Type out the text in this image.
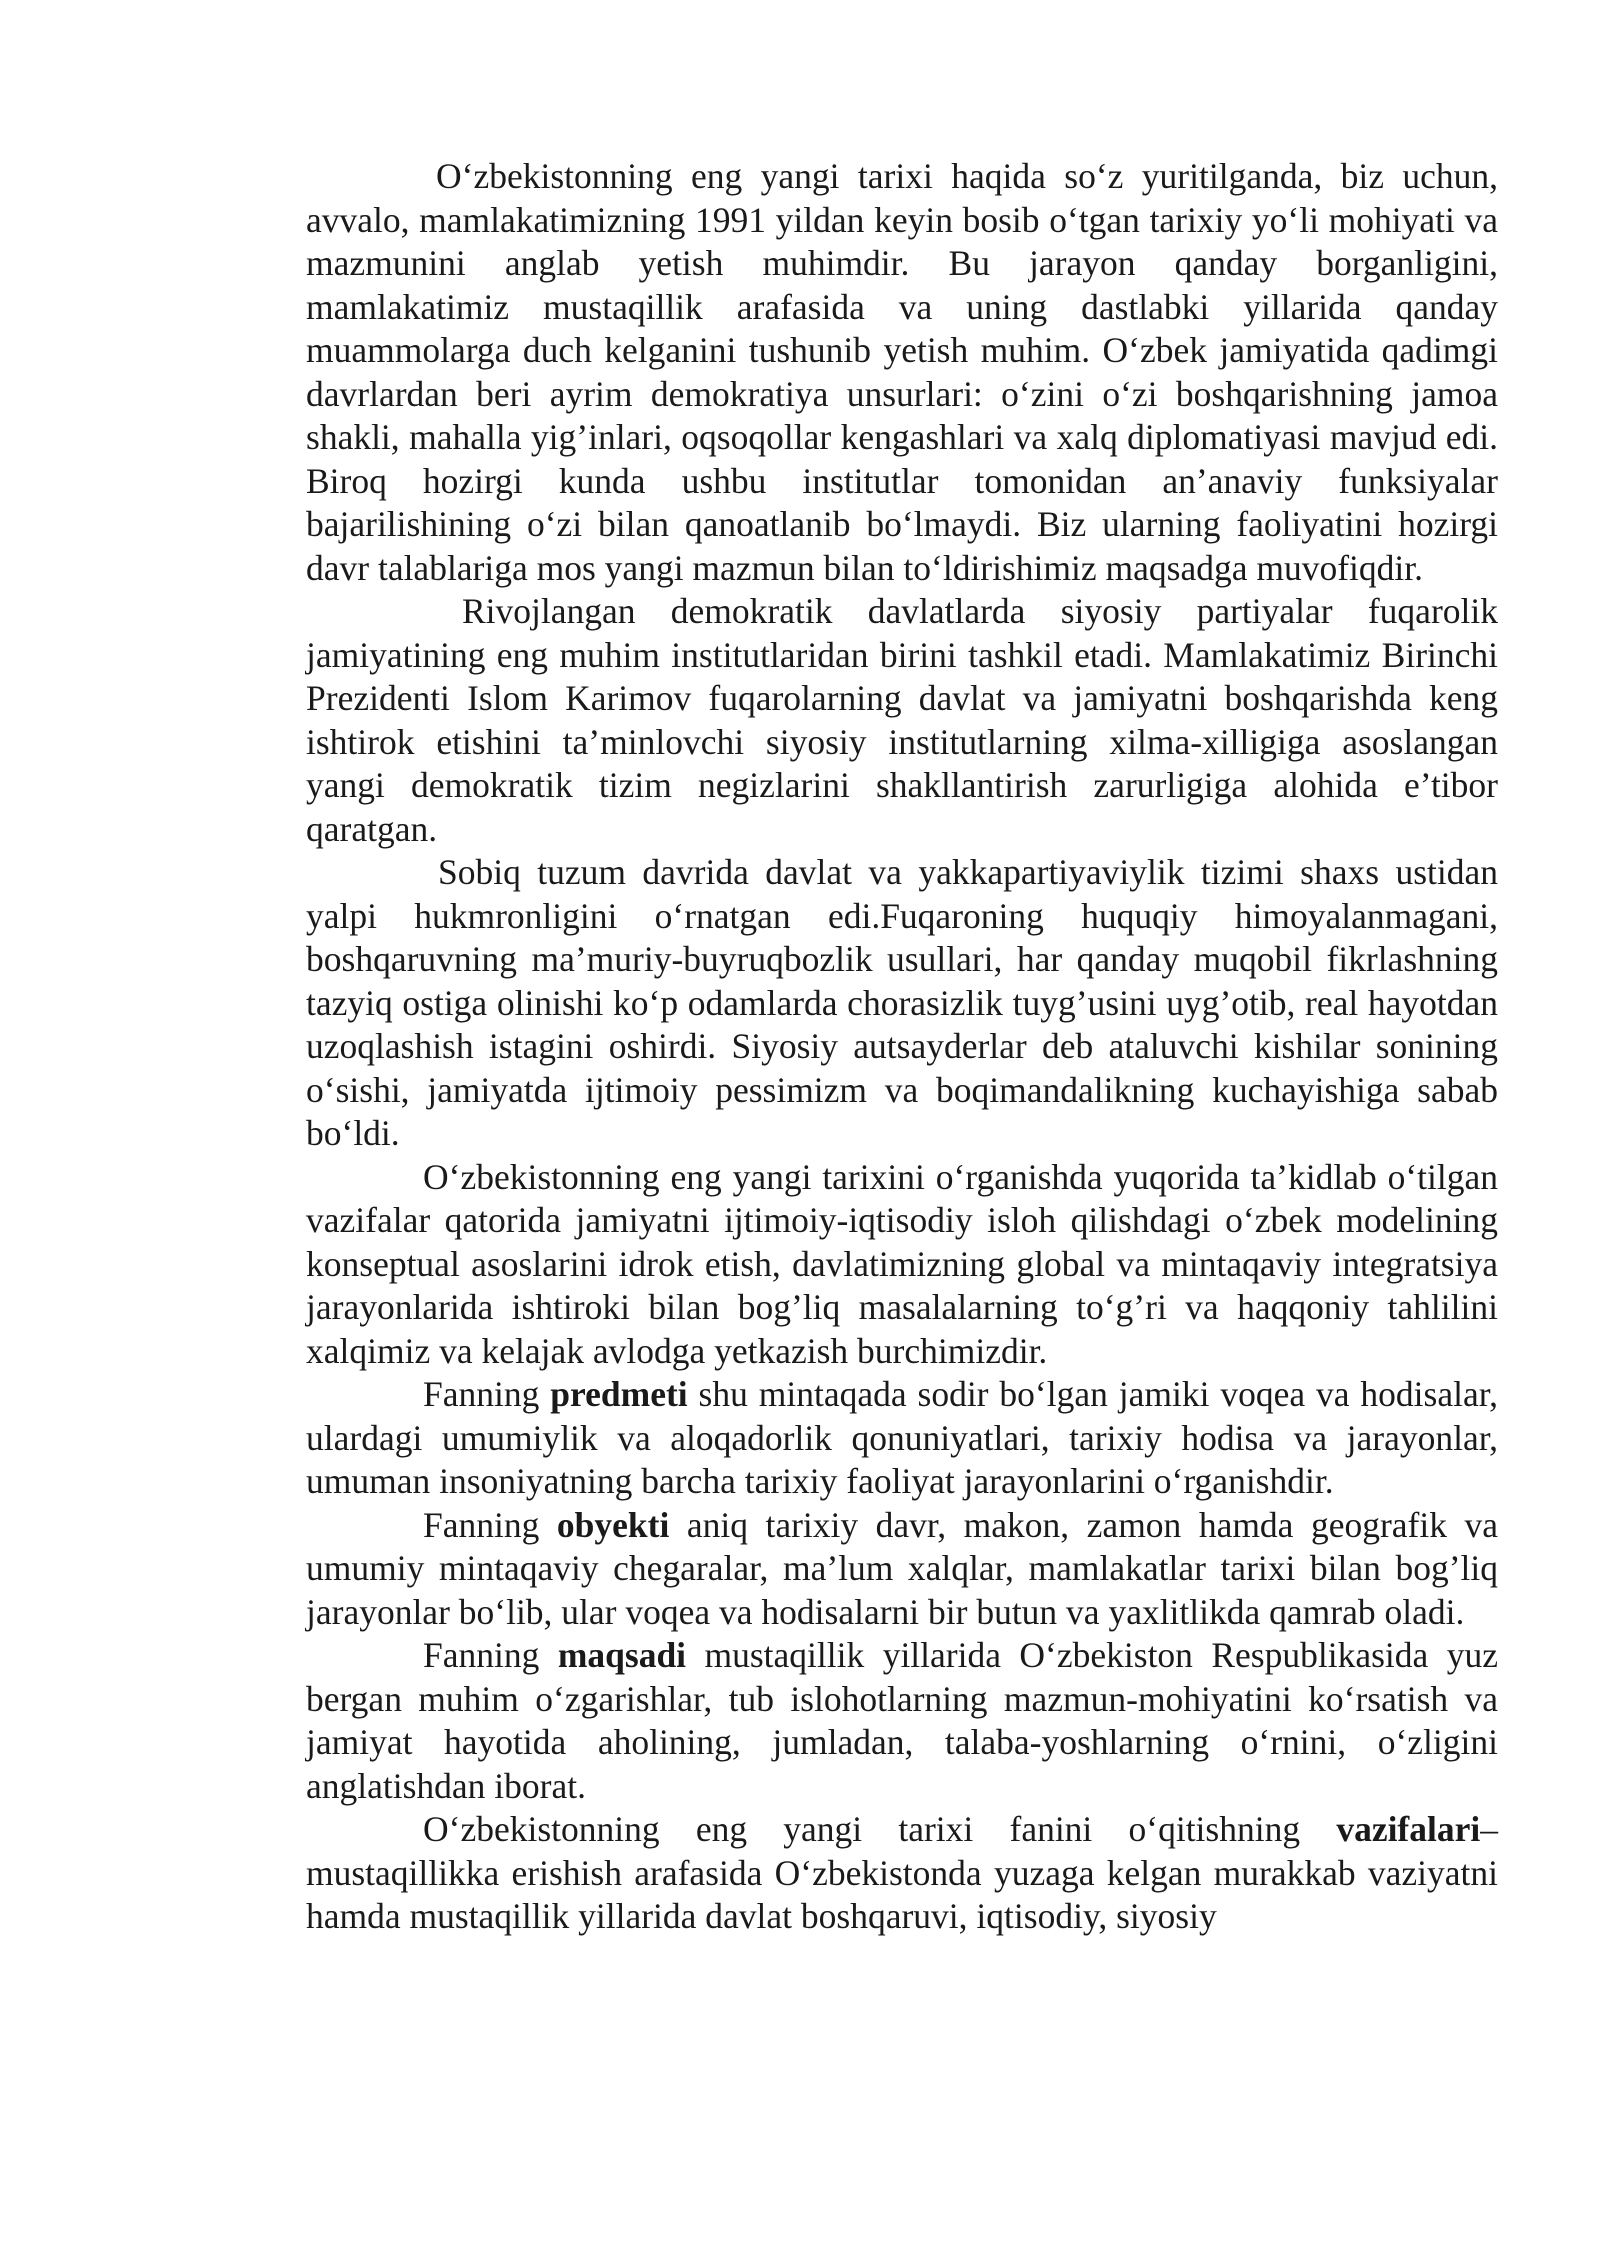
O‘zbekistonning eng yangi tarixi haqida so‘z yuritilganda, biz uchun, avvalo, mamlakatimizning 1991 yildan keyin bosib o‘tgan tarixiy yo‘li mohiyati va mazmunini anglab yetish muhimdir. Bu jarayon qanday borganligini, mamlakatimiz mustaqillik arafasida va uning dastlabki yillarida qanday muammolarga duch kelganini tushunib yetish muhim. O‘zbek jamiyatida qadimgi davrlardan beri ayrim demokratiya unsurlari: o‘zini o‘zi boshqarishning jamoa shakli, mahalla yig’inlari, oqsoqollar kengashlari va xalq diplomatiyasi mavjud edi. Biroq hozirgi kunda ushbu institutlar tomonidan an’anaviy funksiyalar bajarilishining o‘zi bilan qanoatlanib bo‘lmaydi. Biz ularning faoliyatini hozirgi davr talablariga mos yangi mazmun bilan to‘ldirishimiz maqsadga muvofiqdir.

Rivojlangan demokratik davlatlarda siyosiy partiyalar fuqarolik jamiyatining eng muhim institutlaridan birini tashkil etadi. Mamlakatimiz Birinchi Prezidenti Islom Karimov fuqarolarning davlat va jamiyatni boshqarishda keng ishtirok etishini ta’minlovchi siyosiy institutlarning xilma-xilligiga asoslangan yangi demokratik tizim negizlarini shakllantirish zarurligiga alohida e’tibor qaratgan.

Sobiq tuzum davrida davlat va yakkapartiyaviylik tizimi shaxs ustidan yalpi hukmronligini o‘rnatgan edi.Fuqaroning huquqiy himoyalanmagani, boshqaruvning ma’muriy-buyruqbozlik usullari, har qanday muqobil fikrlashning tazyiq ostiga olinishi ko‘p odamlarda chorasizlik tuyg’usini uyg’otib, real hayotdan uzoqlashish istagini oshirdi. Siyosiy autsayderlar deb ataluvchi kishilar sonining o‘sishi, jamiyatda ijtimoiy pessimizm va boqimandalikning kuchayishiga sabab bo‘ldi.

O‘zbekistonning eng yangi tarixini o‘rganishda yuqorida ta’kidlab o‘tilgan vazifalar qatorida jamiyatni ijtimoiy-iqtisodiy isloh qilishdagi o‘zbek modelining konseptual asoslarini idrok etish, davlatimizning global va mintaqaviy integratsiya jarayonlarida ishtiroki bilan bog’liq masalalarning to‘g’ri va haqqoniy tahlilini xalqimiz va kelajak avlodga yetkazish burchimizdir.

Fanning predmeti shu mintaqada sodir bo‘lgan jamiki voqea va hodisalar, ulardagi umumiylik va aloqadorlik qonuniyatlari, tarixiy hodisa va jarayonlar, umuman insoniyatning barcha tarixiy faoliyat jarayonlarini o‘rganishdir.

Fanning obyekti aniq tarixiy davr, makon, zamon hamda geografik va umumiy mintaqaviy chegaralar, ma’lum xalqlar, mamlakatlar tarixi bilan bog’liq jarayonlar bo‘lib, ular voqea va hodisalarni bir butun va yaxlitlikda qamrab oladi.

Fanning maqsadi mustaqillik yillarida O‘zbekiston Respublikasida yuz bergan muhim o‘zgarishlar, tub islohotlarning mazmun-mohiyatini ko‘rsatish va jamiyat hayotida aholining, jumladan, talaba-yoshlarning o‘rnini, o‘zligini anglatishdan iborat.

O‘zbekistonning eng yangi tarixi fanini o‘qitishning vazifalari– mustaqillikka erishish arafasida O‘zbekistonda yuzaga kelgan murakkab vaziyatni hamda mustaqillik yillarida davlat boshqaruvi, iqtisodiy, siyosiy
